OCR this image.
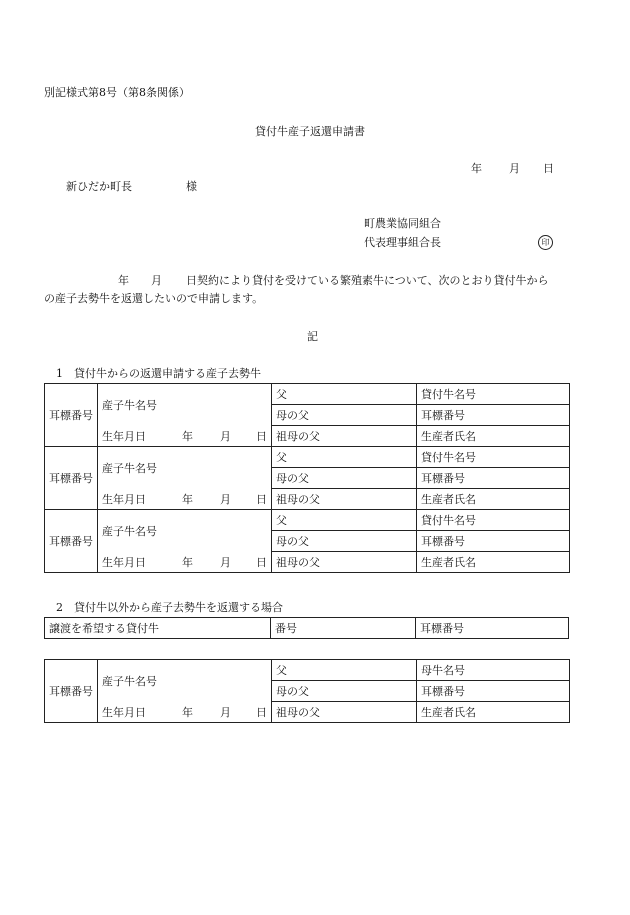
別記様式第8号（第8条関係）
貸付牛産子返還申請書
年 月 日
新ひだか町長	様
町農業協同組合
代表理事組合長	印
年 月 日契約により貸付を受けている繁殖素牛について、次のとおり貸付牛から
の産子去勢牛を返還したいので申請します。
記
1　貸付牛からの返還申請する産子去勢牛
耳標番号	産子牛名号	父	貸付牛名号
		母の父	耳標番号
	生年月日 年 月 日	祖母の父	生産者氏名
耳標番号	産子牛名号	父	貸付牛名号
		母の父	耳標番号
	生年月日 年 月 日	祖母の父	生産者氏名
耳標番号	産子牛名号	父	貸付牛名号
		母の父	耳標番号
	生年月日 年 月 日	祖母の父	生産者氏名
2　貸付牛以外から産子去勢牛を返還する場合
譲渡を希望する貸付牛	番号	耳標番号
耳標番号	産子牛名号	父	母牛名号
		母の父	耳標番号
	生年月日 年 月 日	祖母の父	生産者氏名
